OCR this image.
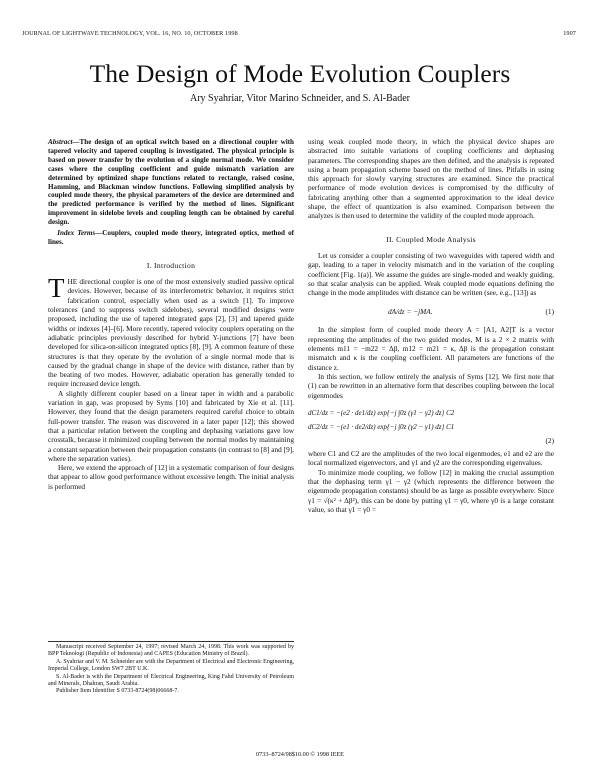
JOURNAL OF LIGHTWAVE TECHNOLOGY, VOL. 16, NO. 10, OCTOBER 1998	1907
The Design of Mode Evolution Couplers
Ary Syahriar, Vitor Marino Schneider, and S. Al-Bader
Abstract—The design of an optical switch based on a directional coupler with tapered velocity and tapered coupling is investigated. The physical principle is based on power transfer by the evolution of a single normal mode. We consider cases where the coupling coefficient and guide mismatch variation are determined by optimized shape functions related to rectangle, raised cosine, Hamming, and Blackman window functions. Following simplified analysis by coupled mode theory, the physical parameters of the device are determined and the predicted performance is verified by the method of lines. Significant improvement in sidelobe levels and coupling length can be obtained by careful design.
Index Terms—Couplers, coupled mode theory, integrated optics, method of lines.
I. Introduction

THE directional coupler is one of the most extensively studied passive optical devices. However, because of its interferometric behavior, it requires strict fabrication control, especially when used as a switch [1]. To improve tolerances (and to suppress switch sidelobes), several modified designs were proposed, including the use of tapered integrated gaps [2], [3] and tapered guide widths or indexes [4]–[6]. More recently, tapered velocity couplers operating on the adiabatic principles previously described for hybrid Y-junctions [7] have been developed for silica-on-silicon integrated optics [8], [9]. A common feature of these structures is that they operate by the evolution of a single normal mode that is caused by the gradual change in shape of the device with distance, rather than by the beating of two modes. However, adiabatic operation has generally tended to require increased device length.

A slightly different coupler based on a linear taper in width and a parabolic variation in gap, was proposed by Syms [10] and fabricated by Xie et al. [11]. However, they found that the design parameters required careful choice to obtain full-power transfer. The reason was discovered in a later paper [12]; this showed that a particular relation between the coupling and dephasing variations gave low crosstalk, because it minimized coupling between the normal modes by maintaining a constant separation between their propagation constants (in contrast to [8] and [9], where the separation varies).

Here, we extend the approach of [12] in a systematic comparison of four designs that appear to allow good performance without excessive length. The initial analysis is performed

Manuscript received September 24, 1997; revised March 24, 1998. This work was supported by BPP Teknologi (Republic of Indonesia) and CAPES (Education Ministry of Brazil).

A. Syahriar and V. M. Schneider are with the Department of Electrical and Electronic Engineering, Imperial College, London SW7 2BT U.K.

S. Al-Bader is with the Department of Electrical Engineering, King Fahd University of Petroleum and Minerals, Dhahran, Saudi Arabia.

Publisher Item Identifier S 0733-8724(98)06668-7.

using weak coupled mode theory, in which the physical device shapes are abstracted into suitable variations of coupling coefficients and dephasing parameters. The corresponding shapes are then defined, and the analysis is repeated using a beam propagation scheme based on the method of lines. Pitfalls in using this approach for slowly varying structures are examined. Since the practical performance of mode evolution devices is compromised by the difficulty of fabricating anything other than a segmented approximation to the ideal device shape, the effect of quantization is also examined. Comparison between the analyzes is then used to determine the validity of the coupled mode approach.

II. Coupled Mode Analysis

Let us consider a coupler consisting of two waveguides with tapered width and gap, leading to a taper in velocity mismatch and in the variation of the coupling coefficient [Fig. 1(a)]. We assume the guides are single-moded and weakly guiding, so that scalar analysis can be applied. Weak coupled mode equations defining the change in the mode amplitudes with distance can be written (see, e.g., [13]) as

dA/dz = −jMA.	(1)

In the simplest form of coupled mode theory A = [A1, A2]T is a vector representing the amplitudes of the two guided modes, M is a 2 × 2 matrix with elements m11 = −m22 = Δβ, m12 = m21 = κ, Δβ is the propagation constant mismatch and κ is the coupling coefficient. All parameters are functions of the distance z.

In this section, we follow entirely the analysis of Syms [12]. We first note that (1) can be rewritten in an alternative form that describes coupling between the local eigenmodes

dC1/dz = −(e2 · de1/dz) exp{−j ∫0z (γ1 − γ2) dz} C2
dC2/dz = −(e1 · de2/dz) exp{−j ∫0z (γ2 − γ1) dz} C1
(2)

where C1 and C2 are the amplitudes of the two local eigenmodes, e1 and e2 are the local normalized eigenvectors, and γ1 and γ2 are the corresponding eigenvalues.

To minimize mode coupling, we follow [12] in making the crucial assumption that the dephasing term γ1 − γ2 (which represents the difference between the eigenmode propagation constants) should be as large as possible everywhere. Since γ1 = √(κ² + Δβ²), this can be done by putting γ1 = γ0, where γ0 is a large constant value, so that γ1 = γ0 =

0733–8724/98$10.00 © 1998 IEEE
